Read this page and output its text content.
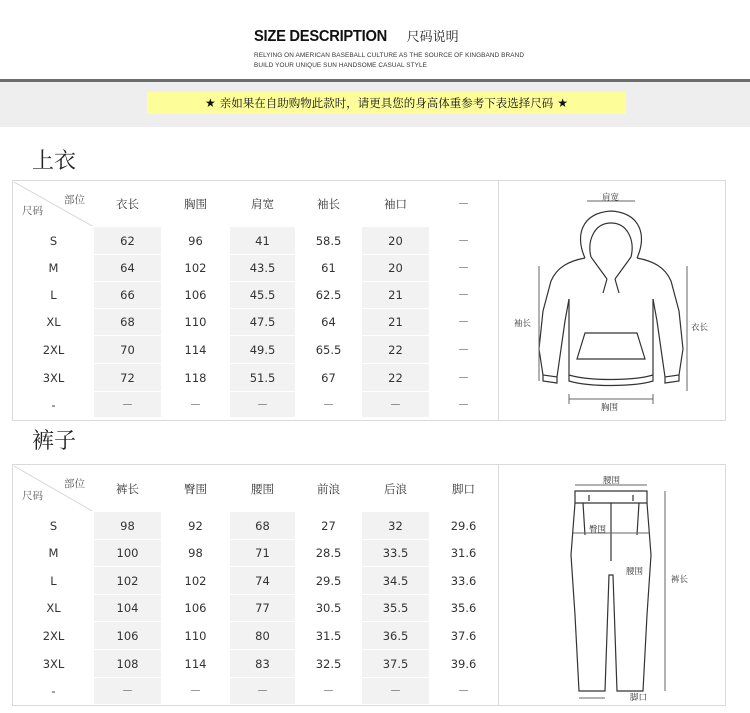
SIZE DESCRIPTION 尺码说明
RELYING ON AMERICAN BASEBALL CULTURE AS THE SOURCE OF KINGBAND BRAND
BUILD YOUR UNIQUE SUN HANDSOME CASUAL STYLE
★ 亲如果在自助购物此款时，请更具您的身高体重参考下表选择尺码 ★
上衣
部位
尺码	衣长	胸围	肩宽	袖长	袖口	－
S	62	96	41	58.5	20	－
M	64	102	43.5	61	20	－
L	66	106	45.5	62.5	21	－
XL	68	110	47.5	64	21	－
2XL	70	114	49.5	65.5	22	－
3XL	72	118	51.5	67	22	－
-	－	－	－	－	－	－
肩宽
袖长	衣长
胸围
裤子
部位
尺码	裤长	臀围	腰围	前浪	后浪	脚口
S	98	92	68	27	32	29.6
M	100	98	71	28.5	33.5	31.6
L	102	102	74	29.5	34.5	33.6
XL	104	106	77	30.5	35.5	35.6
2XL	106	110	80	31.5	36.5	37.6
3XL	108	114	83	32.5	37.5	39.6
-	－	－	－	－	－	－
腰围
臀围
腰围
裤长
脚口
